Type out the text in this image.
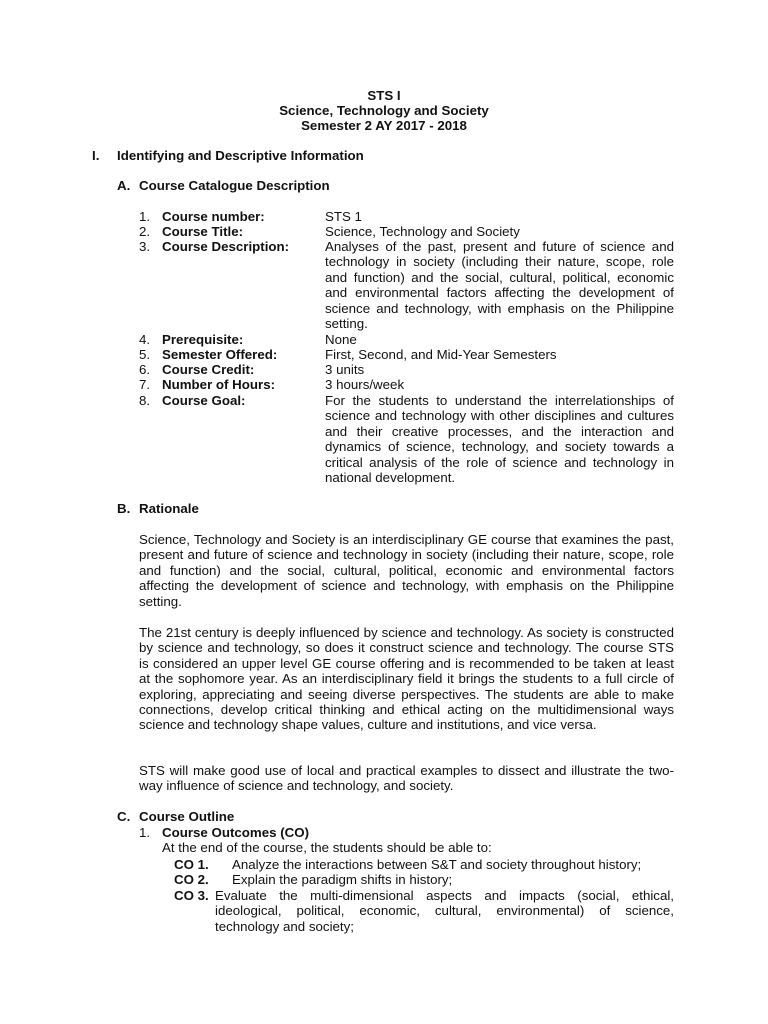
STS I
Science, Technology and Society
Semester 2 AY 2017 - 2018
I. Identifying and Descriptive Information
A. Course Catalogue Description
1. Course number:	STS 1
2. Course Title:	Science, Technology and Society
3. Course Description:	Analyses of the past, present and future of science and technology in society (including their nature, scope, role and function) and the social, cultural, political, economic and environmental factors affecting the development of science and technology, with emphasis on the Philippine setting.
4. Prerequisite:	None
5. Semester Offered:	First, Second, and Mid-Year Semesters
6. Course Credit:	3 units
7. Number of Hours:	3 hours/week
8. Course Goal:	For the students to understand the interrelationships of science and technology with other disciplines and cultures and their creative processes, and the interaction and dynamics of science, technology, and society towards a critical analysis of the role of science and technology in national development.
B. Rationale
Science, Technology and Society is an interdisciplinary GE course that examines the past, present and future of science and technology in society (including their nature, scope, role and function) and the social, cultural, political, economic and environmental factors affecting the development of science and technology, with emphasis on the Philippine setting.
The 21st century is deeply influenced by science and technology. As society is constructed by science and technology, so does it construct science and technology. The course STS is considered an upper level GE course offering and is recommended to be taken at least at the sophomore year. As an interdisciplinary field it brings the students to a full circle of exploring, appreciating and seeing diverse perspectives. The students are able to make connections, develop critical thinking and ethical acting on the multidimensional ways science and technology shape values, culture and institutions, and vice versa.
STS will make good use of local and practical examples to dissect and illustrate the two-way influence of science and technology, and society.
C. Course Outline
1. Course Outcomes (CO)
At the end of the course, the students should be able to:
CO 1. Analyze the interactions between S&T and society throughout history;
CO 2. Explain the paradigm shifts in history;
CO 3. Evaluate the multi-dimensional aspects and impacts (social, ethical, ideological, political, economic, cultural, environmental) of science, technology and society;
